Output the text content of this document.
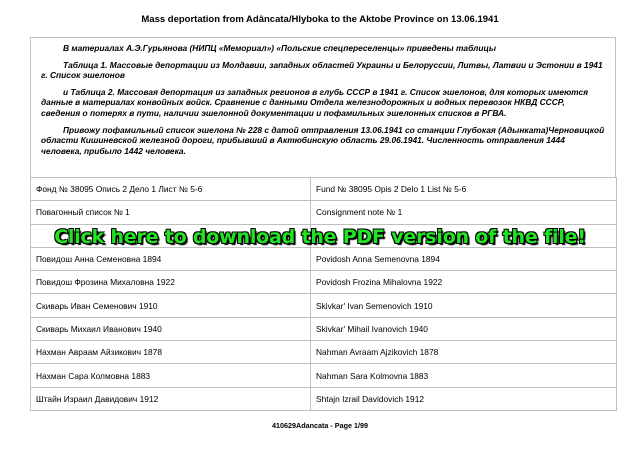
Mass deportation from Adâncata/Hlyboka to the Aktobe Province on 13.06.1941

В материалах А.Э.Гурьянова (НИПЦ «Мемориал») «Польские спецпереселенцы» приведены таблицы

Таблица 1. Массовые депортации из Молдавии, западных областей Украины и Белоруссии, Литвы, Латвии и Эстонии в 1941 г. Список эшелонов

и Таблица 2. Массовая депортация из западных регионов в глубь СССР в 1941 г. Список эшелонов, для которых имеются данные в материалах конвойных войск. Сравнение с данными Отдела железнодорожных и водных перевозок НКВД СССР, сведения о потерях в пути, наличии эшелонной документации и пофамильных эшелонных списков в РГВА.

Привожу пофамильный список эшелона № 228 с датой отправления 13.06.1941 со станции Глубокая (Адынката)Черновицкой области Кишиневской железной дороги, прибывший в Актюбинскую область 29.06.1941. Численность отправления 1444 человека, прибыло 1442 человека.

Фонд № 38095 Опись 2 Дело 1 Лист № 5-6	Fund № 38095 Opis 2 Delo 1 List № 5-6
Повагонный список № 1	Consignment note № 1

Повидош Анна Семеновна 1894	Povidosh Anna Semenovna 1894
Повидош Фрозина Михаловна 1922	Povidosh Frozina Mihalovna 1922
Скиварь Иван Семенович 1910	Skivkar' Ivan Semenovich 1910
Скиварь Михаил Иванович 1940	Skivkar' Mihail Ivanovich 1940
Нахман Авраам Айзикович 1878	Nahman Avraam Ajzikovich 1878
Нахман Сара Колмовна 1883	Nahman Sara Kolmovna 1883
Штайн Израил Давидович 1912	Shtajn Izrail Davidovich 1912
Click here to download the PDF version of the file!
410629Adancata - Page 1/99
